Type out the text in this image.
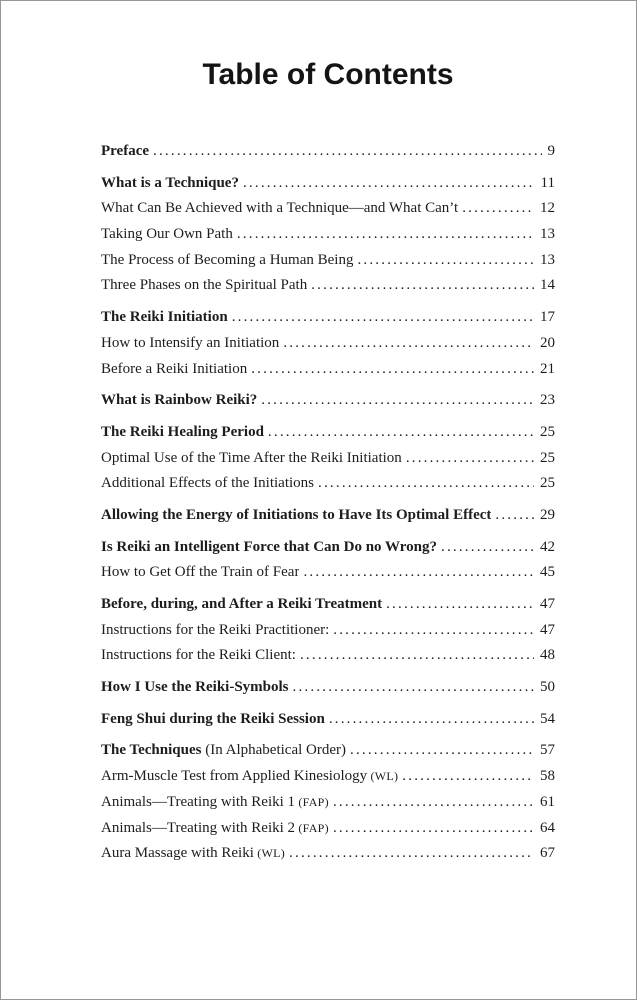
Table of Contents
Preface .....	9
What is a Technique? .....	11
What Can Be Achieved with a Technique—and What Can’t .....	12
Taking Our Own Path .....	13
The Process of Becoming a Human Being .....	13
Three Phases on the Spiritual Path .....	14
The Reiki Initiation .....	17
How to Intensify an Initiation .....	20
Before a Reiki Initiation .....	21
What is Rainbow Reiki? .....	23
The Reiki Healing Period .....	25
Optimal Use of the Time After the Reiki Initiation .....	25
Additional Effects of the Initiations .....	25
Allowing the Energy of Initiations to Have Its Optimal Effect .....	29
Is Reiki an Intelligent Force that Can Do no Wrong? .....	42
How to Get Off the Train of Fear .....	45
Before, during, and After a Reiki Treatment .....	47
Instructions for the Reiki Practitioner: .....	47
Instructions for the Reiki Client: .....	48
How I Use the Reiki-Symbols .....	50
Feng Shui during the Reiki Session .....	54
The Techniques (In Alphabetical Order) .....	57
Arm-Muscle Test from Applied Kinesiology (WL) .....	58
Animals—Treating with Reiki 1 (FAP) .....	61
Animals—Treating with Reiki 2 (FAP) .....	64
Aura Massage with Reiki (WL) .....	67
